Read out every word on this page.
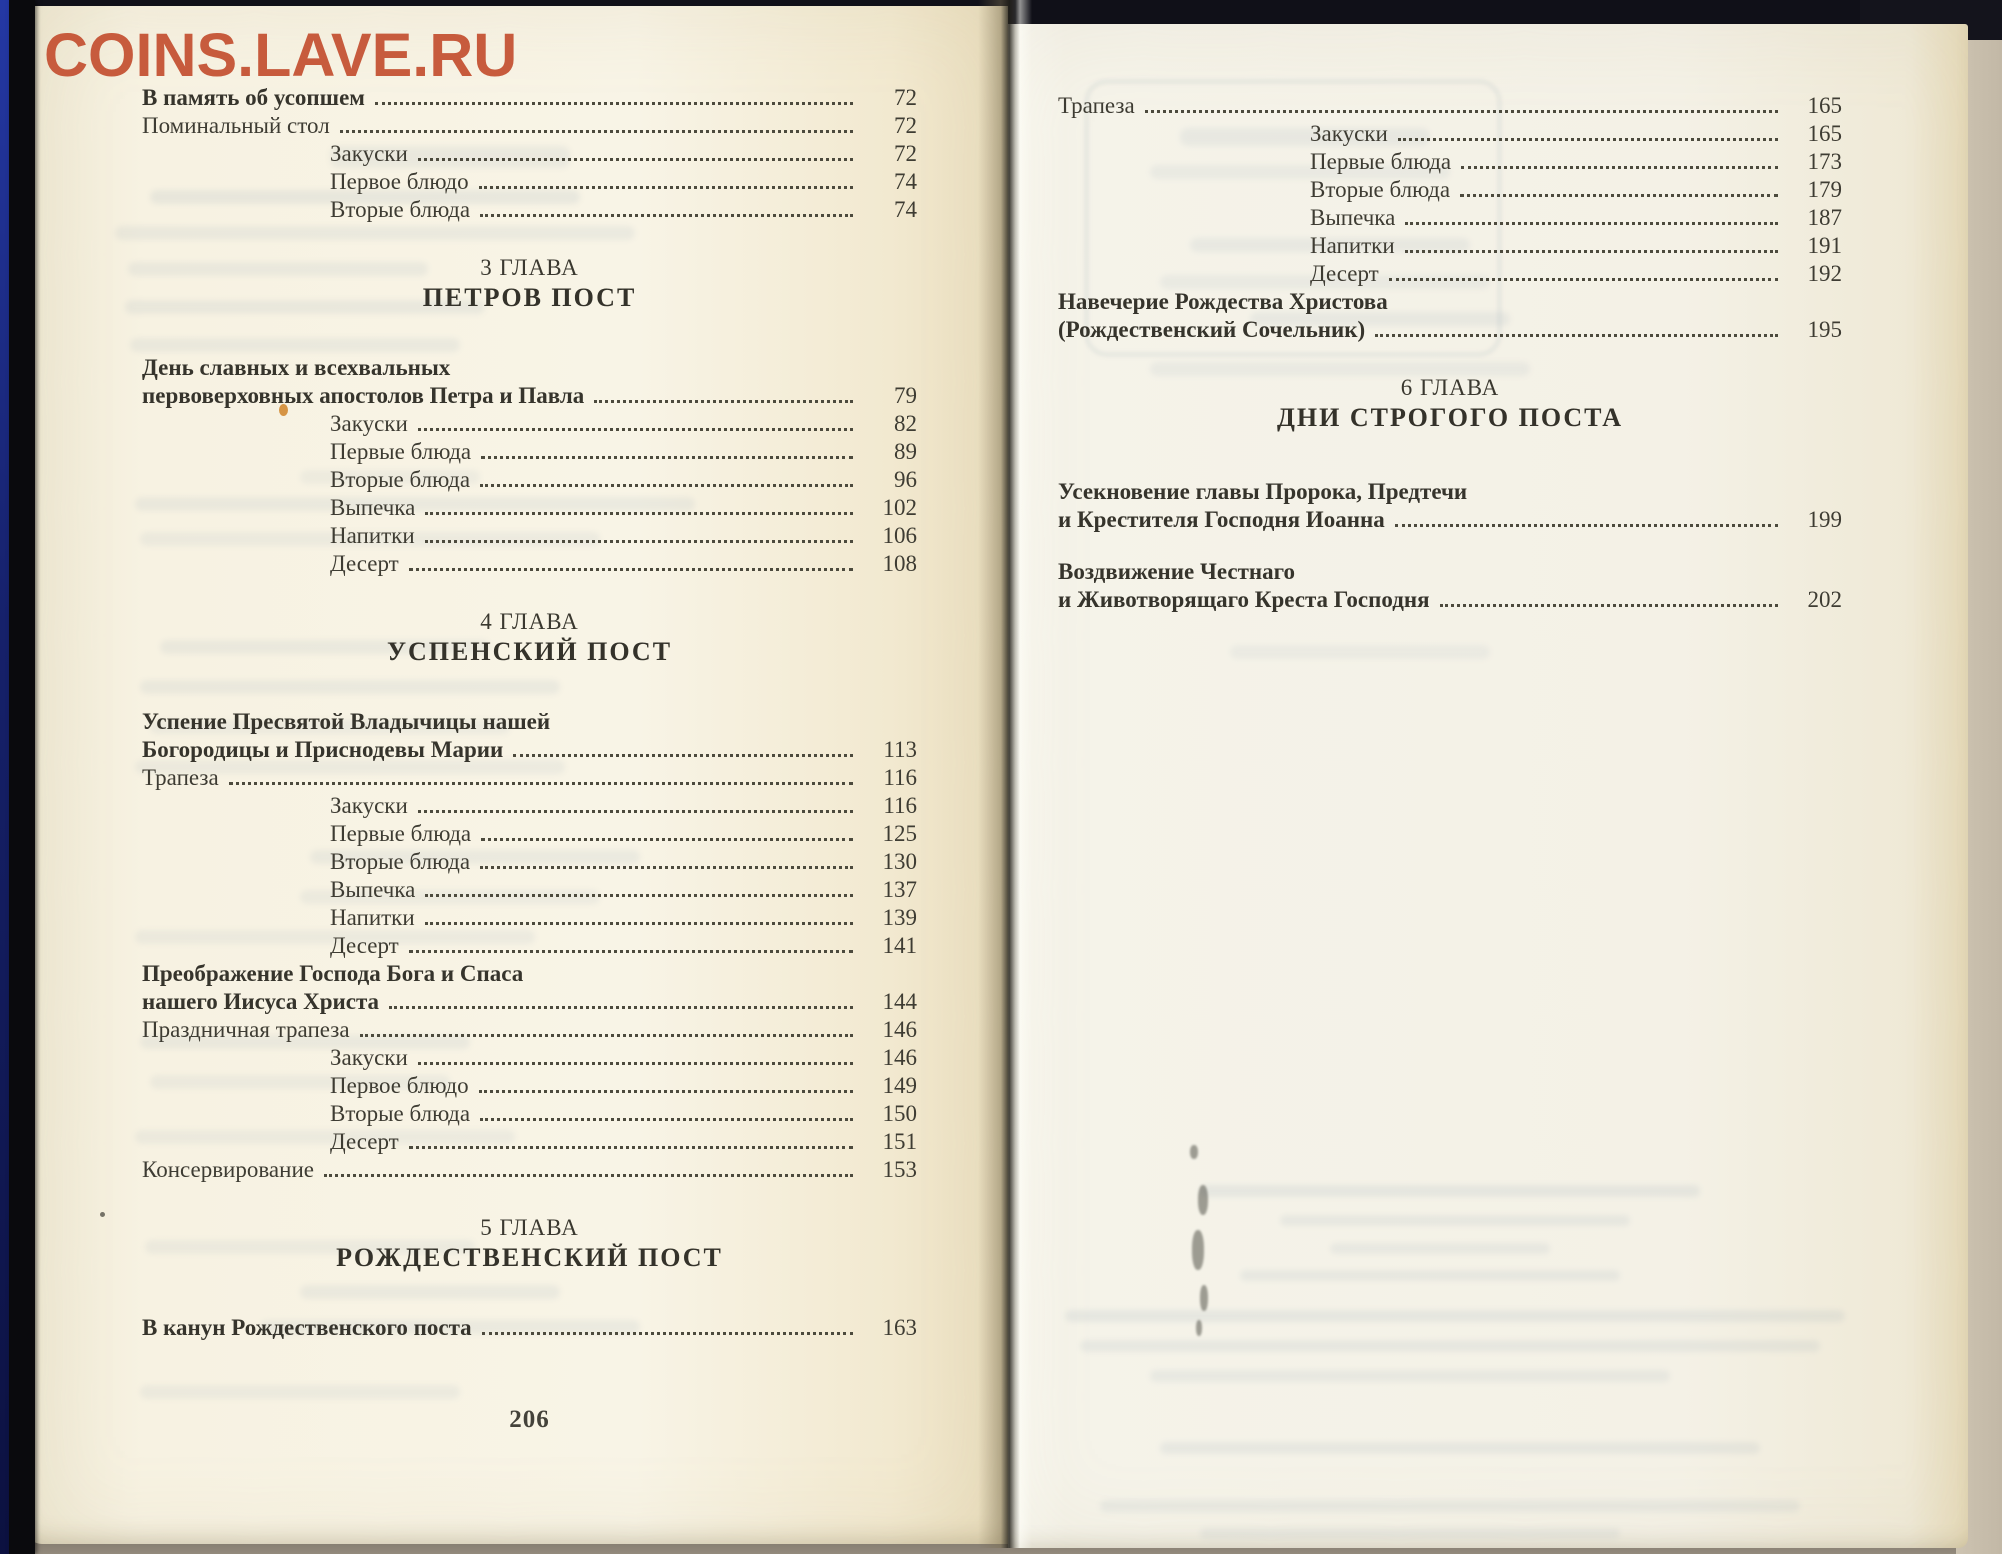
COINS.LAVE.RU
В память об усопшем	72
Поминальный стол	72
Закуски	72
Первое блюдо	74
Вторые блюда	74
3 ГЛАВА
ПЕТРОВ ПОСТ
День славных и всехвальных
первоверховных апостолов Петра и Павла	79
Закуски	82
Первые блюда	89
Вторые блюда	96
Выпечка	102
Напитки	106
Десерт	108
4 ГЛАВА
УСПЕНСКИЙ ПОСТ
Успение Пресвятой Владычицы нашей
Богородицы и Приснодевы Марии	113
Трапеза	116
Закуски	116
Первые блюда	125
Вторые блюда	130
Выпечка	137
Напитки	139
Десерт	141
Преображение Господа Бога и Спаса
нашего Иисуса Христа	144
Праздничная трапеза	146
Закуски	146
Первое блюдо	149
Вторые блюда	150
Десерт	151
Консервирование	153
5 ГЛАВА
РОЖДЕСТВЕНСКИЙ ПОСТ
В канун Рождественского поста	163
Трапеза	165
Закуски	165
Первые блюда	173
Вторые блюда	179
Выпечка	187
Напитки	191
Десерт	192
Навечерие Рождества Христова
(Рождественский Сочельник)	195
6 ГЛАВА
ДНИ СТРОГОГО ПОСТА
Усекновение главы Пророка, Предтечи
и Крестителя Господня Иоанна	199
Воздвижение Честнаго
и Животворящаго Креста Господня	202
206
